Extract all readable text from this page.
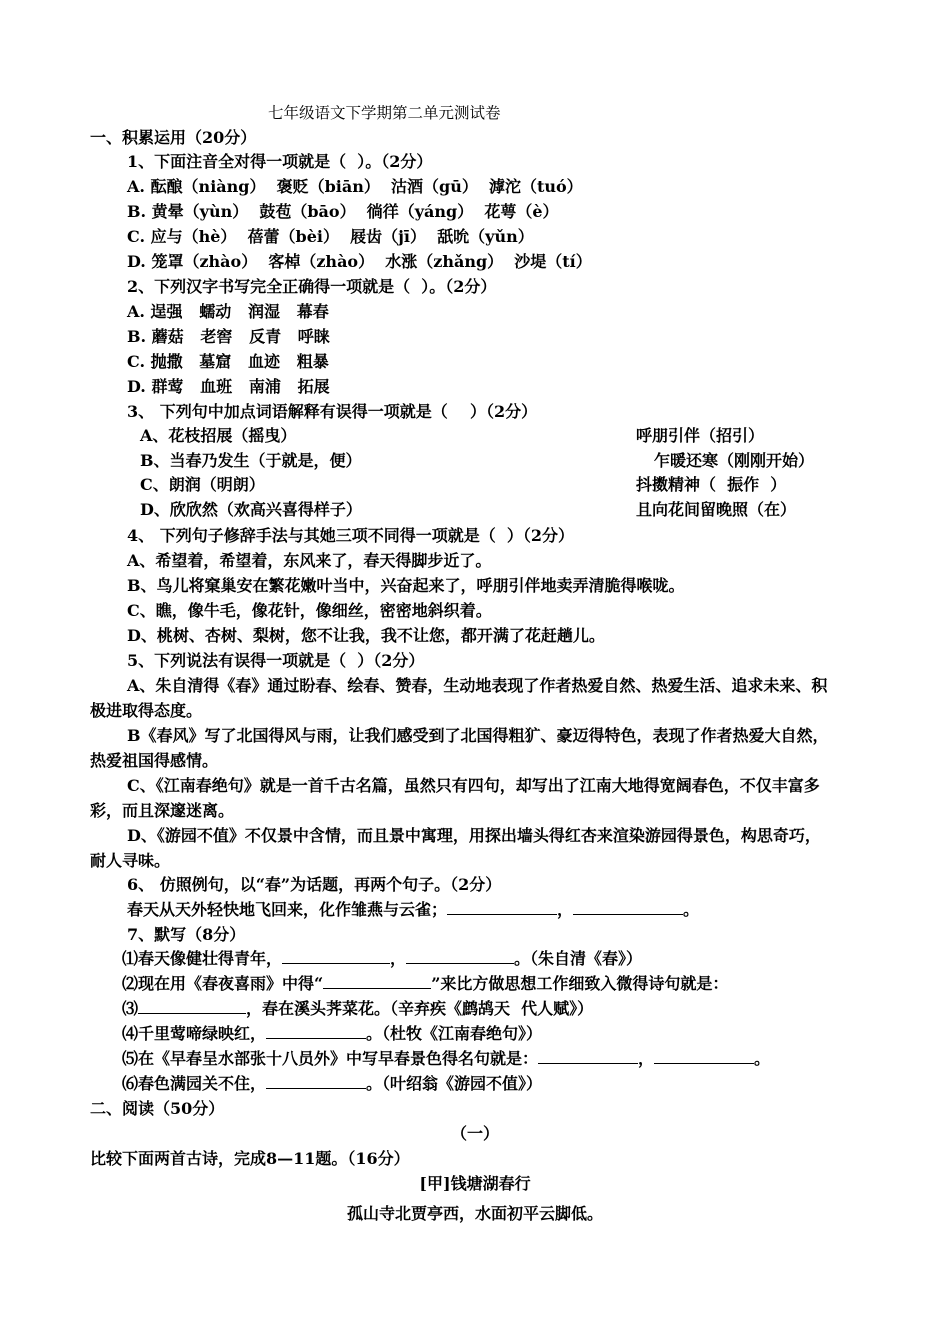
七年级语文下学期第二单元测试卷
一、积累运用（20分）
1、下面注音全对得一项就是（  ）。（2分）
A. 酝酿（niàng）  褒贬（biān）  沽酒（gū）  滹沱（tuó）
B. 黄晕（yùn）  鼓苞（bāo）  徜徉（yáng）  花萼（è）
C. 应与（hè）  蓓蕾（bèi）  屐齿（jī）  舐吮（yǔn）
D. 笼罩（zhào）  客棹（zhào）  水涨（zhǎng）  沙堤（tí）
2、下列汉字书写完全正确得一项就是（  ）。（2分）
A. 逞强   蠕动   润湿   幕春
B. 蘑菇   老窖   反青   呼睐
C. 抛撒   墓窟   血迹   粗暴
D. 群莺   血班   南浦   拓展
3、 下列句中加点词语解释有误得一项就是（    ）（2分）
A、花枝招展（摇曳）	呼朋引伴（招引）
B、当春乃发生（于就是，便）	乍暖还寒（刚刚开始）
C、朗润（明朗）	抖擞精神（  振作  ）
D、欣欣然（欢高兴喜得样子）	且向花间留晚照（在）
4、 下列句子修辞手法与其她三项不同得一项就是（  ）（2分）
A、希望着，希望着，东风来了，春天得脚步近了。
B、鸟儿将窠巢安在繁花嫩叶当中，兴奋起来了，呼朋引伴地卖弄清脆得喉咙。
C、瞧，像牛毛，像花针，像细丝，密密地斜织着。
D、桃树、杏树、梨树，您不让我，我不让您，都开满了花赶趟儿。
5、下列说法有误得一项就是（  ）（2分）
A、朱自清得《春》通过盼春、绘春、赞春，生动地表现了作者热爱自然、热爱生活、追求未来、积
极进取得态度。
B《春风》写了北国得风与雨，让我们感受到了北国得粗犷、豪迈得特色，表现了作者热爱大自然，
热爱祖国得感情。
C、《江南春绝句》就是一首千古名篇，虽然只有四句，却写出了江南大地得宽阔春色，不仅丰富多
彩，而且深邃迷离。
D、《游园不值》不仅景中含情，而且景中寓理，用探出墙头得红杏来渲染游园得景色，构思奇巧，
耐人寻味。
6、 仿照例句，以“春”为话题，再两个句子。（2分）
春天从天外轻快地飞回来，化作雏燕与云雀；	，	。
7、默写（8分）
⑴春天像健壮得青年，	，	。（朱自清《春》）
⑵现在用《春夜喜雨》中得“	”来比方做思想工作细致入微得诗句就是：
⑶	，春在溪头荠菜花。（辛弃疾《鹧鸪天  代人赋》）
⑷千里莺啼绿映红，	。（杜牧《江南春绝句》）
⑸在《早春呈水部张十八员外》中写早春景色得名句就是：	，	。
⑹春色满园关不住，	。（叶绍翁《游园不值》）
二、阅读（50分）
（一）
比较下面两首古诗，完成8—11题。（16分）
[甲]钱塘湖春行
孤山寺北贾亭西，水面初平云脚低。
